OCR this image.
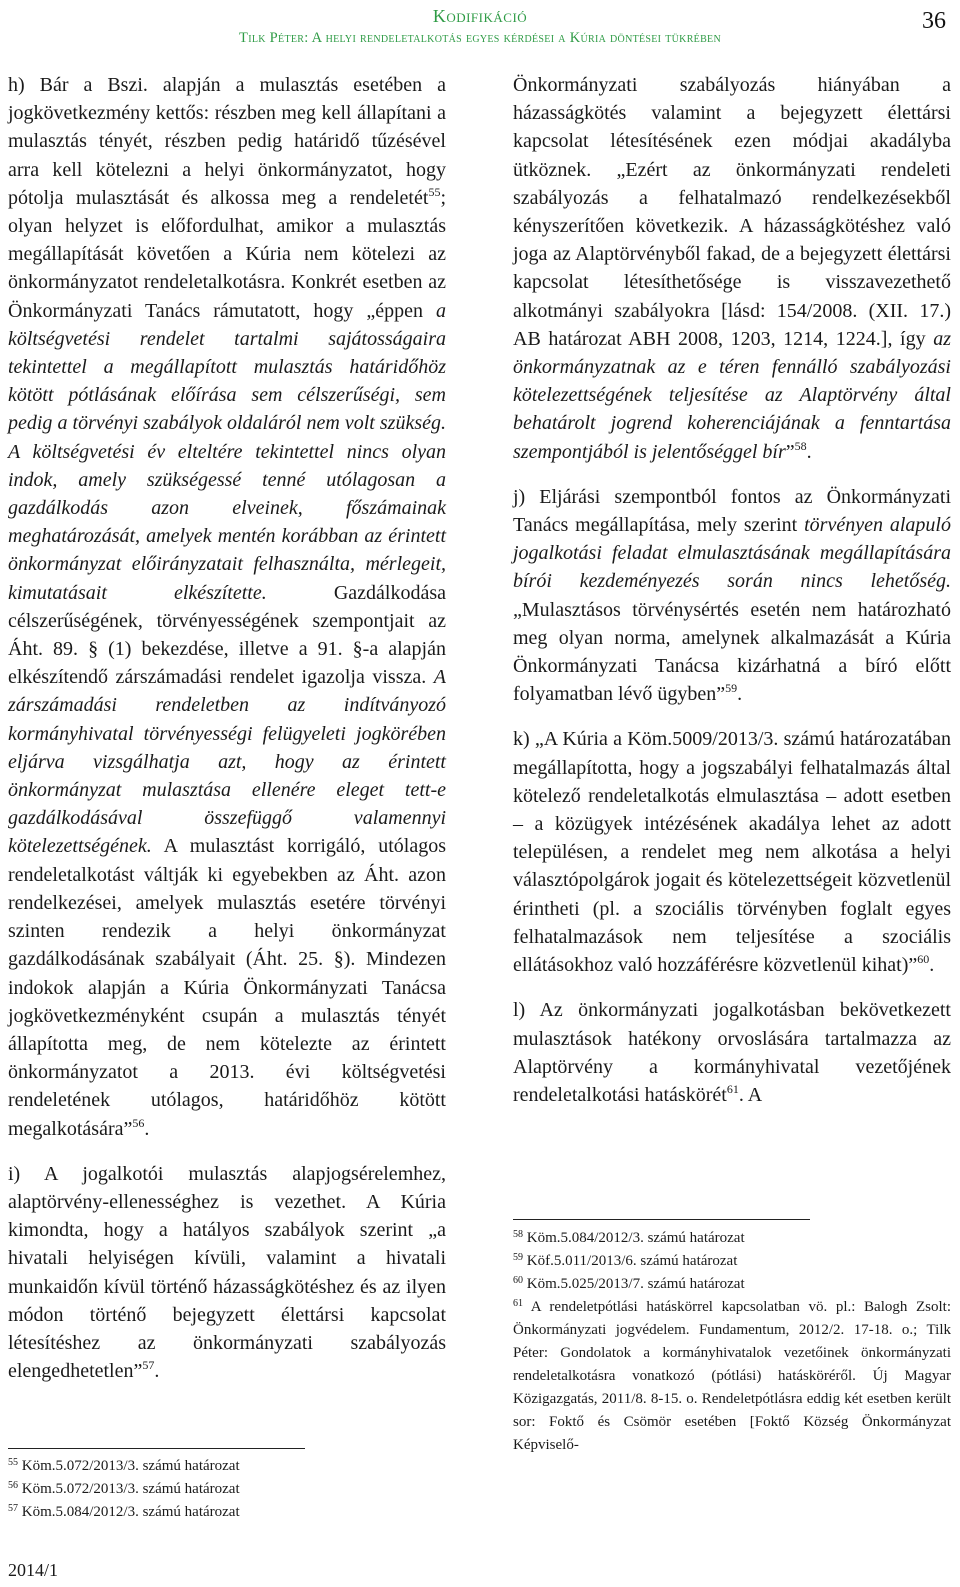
Kodifikáció
Tilk Péter: A helyi rendeletalkotás egyes kérdései a Kúria döntései tükrében
36

h) Bár a Bszi. alapján a mulasztás esetében a jogkövetkezmény kettős: részben meg kell állapítani a mulasztás tényét, részben pedig határidő tűzésével arra kell kötelezni a helyi önkormányzatot, hogy pótolja mulasztását és alkossa meg a rendeletét$^{55}$; olyan helyzet is előfordulhat, amikor a mulasztás megállapítását követően a Kúria nem kötelezi az önkormányzatot rendeletalkotásra. Konkrét esetben az Önkormányzati Tanács rámutatott, hogy „éppen a költségvetési rendelet tartalmi sajátosságaira tekintettel a megállapított mulasztás határidőhöz kötött pótlásának előírása sem célszerűségi, sem pedig a törvényi szabályok oldaláról nem volt szükség. A költségvetési év elteltére tekintettel nincs olyan indok, amely szükségessé tenné utólagosan a gazdálkodás azon elveinek, főszámainak meghatározását, amelyek mentén korábban az érintett önkormányzat előirányzatait felhasználta, mérlegeit, kimutatásait elkészítette. Gazdálkodása célszerűségének, törvényességének szempontjait az Áht. 89. § (1) bekezdése, illetve a 91. §-a alapján elkészítendő zárszámadási rendelet igazolja vissza. A zárszámadási rendeletben az indítványozó kormányhivatal törvényességi felügyeleti jogkörében eljárva vizsgálhatja azt, hogy az érintett önkormányzat mulasztása ellenére eleget tett-e gazdálkodásával összefüggő valamennyi kötelezettségének. A mulasztást korrigáló, utólagos rendeletalkotást váltják ki egyebekben az Áht. azon rendelkezései, amelyek mulasztás esetére törvényi szinten rendezik a helyi önkormányzat gazdálkodásának szabályait (Áht. 25. §). Mindezen indokok alapján a Kúria Önkormányzati Tanácsa jogkövetkezményként csupán a mulasztás tényét állapította meg, de nem kötelezte az érintett önkormányzatot a 2013. évi költségvetési rendeletének utólagos, határidőhöz kötött megalkotására”$^{56}$.

i) A jogalkotói mulasztás alapjogsérelemhez, alaptörvény-ellenességhez is vezethet. A Kúria kimondta, hogy a hatályos szabályok szerint „a hivatali helyiségen kívüli, valamint a hivatali munkaidőn kívül történő házasságkötéshez és az ilyen módon történő bejegyzett élettársi kapcsolat létesítéshez az önkormányzati szabályozás elengedhetetlen”$^{57}$.

$^{55}$ Köm.5.072/2013/3. számú határozat

$^{56}$ Köm.5.072/2013/3. számú határozat

$^{57}$ Köm.5.084/2012/3. számú határozat

2014/1

Önkormányzati szabályozás hiányában a házasságkötés valamint a bejegyzett élettársi kapcsolat létesítésének ezen módjai akadályba ütköznek. „Ezért az önkormányzati rendeleti szabályozás a felhatalmazó rendelkezésekből kényszerítően következik. A házasságkötéshez való joga az Alaptörvényből fakad, de a bejegyzett élettársi kapcsolat létesíthetősége is visszavezethető alkotmányi szabályokra [lásd: 154/2008. (XII. 17.) AB határozat ABH 2008, 1203, 1214, 1224.], így az önkormányzatnak az e téren fennálló szabályozási kötelezettségének teljesítése az Alaptörvény által behatárolt jogrend koherenciájának a fenntartása szempontjából is jelentőséggel bír”$^{58}$.

j) Eljárási szempontból fontos az Önkormányzati Tanács megállapítása, mely szerint törvényen alapuló jogalkotási feladat elmulasztásának megállapítására bírói kezdeményezés során nincs lehetőség. „Mulasztásos törvénysértés esetén nem határozható meg olyan norma, amelynek alkalmazását a Kúria Önkormányzati Tanácsa kizárhatná a bíró előtt folyamatban lévő ügyben”$^{59}$.

k) „A Kúria a Köm.5009/2013/3. számú határozatában megállapította, hogy a jogszabályi felhatalmazás által kötelező rendeletalkotás elmulasztása – adott esetben – a közügyek intézésének akadálya lehet az adott településen, a rendelet meg nem alkotása a helyi választópolgárok jogait és kötelezettségeit közvetlenül érintheti (pl. a szociális törvényben foglalt egyes felhatalmazások nem teljesítése a szociális ellátásokhoz való hozzáférésre közvetlenül kihat)”$^{60}$.

l) Az önkormányzati jogalkotásban bekövetkezett mulasztások hatékony orvoslására tartalmazza az Alaptörvény a kormányhivatal vezetőjének rendeletalkotási hatáskörét$^{61}$. A

$^{58}$ Köm.5.084/2012/3. számú határozat

$^{59}$ Köf.5.011/2013/6. számú határozat

$^{60}$ Köm.5.025/2013/7. számú határozat

$^{61}$ A rendeletpótlási hatáskörrel kapcsolatban vö. pl.: Balogh Zsolt: Önkormányzati jogvédelem. Fundamentum, 2012/2. 17-18. o.; Tilk Péter: Gondolatok a kormányhivatalok vezetőinek önkormányzati rendeletalkotásra vonatkozó (pótlási) hatásköréről. Új Magyar Közigazgatás, 2011/8. 8-15. o. Rendeletpótlásra eddig két esetben került sor: Foktő és Csömör esetében [Foktő Község Önkormányzat Képviselő-
